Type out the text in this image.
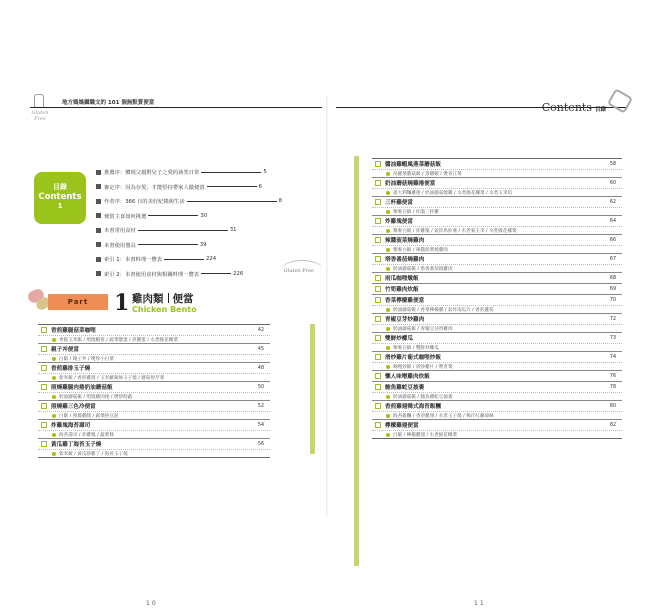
Gluten Free
地方媽媽攝職文的 101 個無麩質便當
目錄
Contents
1
推薦序：體現父親對兒子之愛的執笑日常	5
審定序：因為存愛，才能堅持帶家人做便當	6
作者序：366 日的美好紀錄與生活	8
便當主食如何挑選	30
本書常用食材	31
本書使用器具	39
索引 1：本書料理一覽表	224
索引 2：本書使用食材與相關料理一覽表	226	Gluten Free
Part	1 雞肉類 便當
Chicken Bento
香煎雞腿菇菜咖哩	42
香鬆玉米飯 / 照燒蝦排 / 蔬菜燉蛋 / 煎雞蛋 / 水煮綠花椰菜
親子丼便當	45
白飯 / 親子丼 / 燙炒小白菜
香煎雞排玉子燒	48
紫米飯 / 香煎雞排 / 玉米蘿蔔絲玉子燒 / 蘑菇炒芹菜
照燒雞腿肉捲奶油蘑菇飯	50
奶油蘑菇飯 / 照燒雞肉捲 / 燙炒時蔬
照燒雞三色冷便當	52
白飯 / 照燒雞腿 / 蔬菜拼豆泥
炸雞塊海苔壽司	54
海苔壽司 / 炸雞塊 / 蔬菜條
黃瓜雞丁海苔玉子燒	56
紫米飯 / 黃瓜炒雞丁 / 海苔玉子燒
10
Contents 目錄
醬油雞蝦風燕菜蘑菇飯	58
高麗菜蘑菇飯 / 蒸雞蝦 / 燙青江菜
奶油蘑菇燒雞捲便當	60
義大利麵雞捲 / 奶油蘑菇燒雞 / 水煮綠花椰菜 / 水煮玉米筍
三杯雞便當	62
藜麥白飯 / 杜鵑三杯雞
炸雞塊便當	64
藜麥白飯 / 炸雞塊 / 氣炸馬鈴薯 / 水煮菊玉米 / 水煮綠花椰菜
辣醬菠菜燒雞肉	66
藜麥白飯 / 辣醬菠菜燒雞肉
塔香番茄燒雞肉	67
奶油蘑菇飯 / 塔香番茄燒雞肉
雨瓜咖哩燉飯	68
竹筍雞肉炊飯	69
香菜檸檬雞便當	70
奶油蘑菇飯 / 香菜檸檬雞 / 氣炸南瓜片 / 香煎蘆筍
青椒豆芽炒雞肉	72
奶油蘑菇飯 / 青椒豆芽炒雞肉
雙鮮炒櫛瓜	73
藜麥白飯 / 雙鮮炒櫛瓜
滑炒雞片葡式咖哩炒飯	74
咖哩炒飯 / 滑炒雞片 / 燙青菜
懶人味噌雞肉炊飯	76
鮪魚雞蛇豆披裹	78
奶油蘑菇飯 / 鮪魚雞蛇豆披裹
香煎雞翅韓式海苔飯糰	80
海苔飯糰 / 香煎雞翅 / 水煮玉子燒 / 梅汁紅蘿蔔絲
檸檬雞翅便當	82
白飯 / 檸檬雞翅 / 水煮綠花椰菜
11
